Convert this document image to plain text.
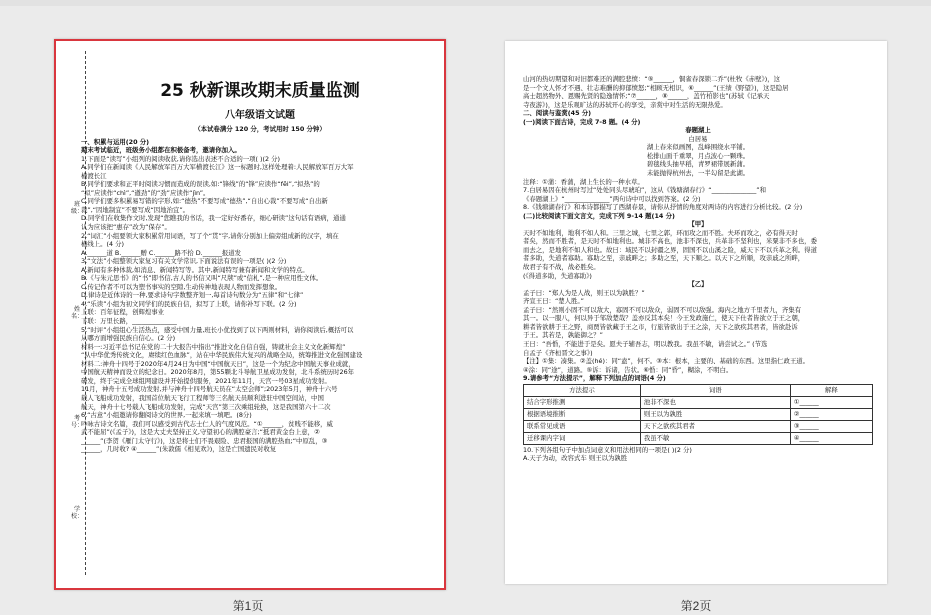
班级：
姓名：
考号：
学校：

25 秋新课改期末质量监测

八年级语文试题

（本试卷满分 120 分，考试用时 150 分钟）

一、积累与运用(20 分)

期末考试临近，班级务小组都在积极备考，邀请你加入。

1.下面是“读写”小组列的阅读收获,请你选出表述不合适的一项( )(2 分)

A.同学们在新闻读《人民解放军百万大军横渡长江》这一标题时,这样处理着:人民解放军百万大军

横渡长江

B.同学们要求和正平时阅读习惯而造成的误读,如:“锋线”的“锋”应读作“fēi”,“拟热”的

“拟”应读作“chì”,“遒劲”的“劲”应读作“jìn”。

C.同学们要多积累易写错的字形,如:“德热”不要写成“德热”,“自出心裁”不要写成“自出新

裁”,“因地制宜”不要写成“因地治宜”。

D.同学们在收集作文时,发现“您瞧我的书话，我一定好好番存，细心研读”这句话有语病，通通

认为应该把“惠存”改为“保存”。

2.“词汇”小组要领大家积累常用词语，写了个“贯”字,请你分别加上偏旁组成新的汉字，填在

横线上。(4 分)

A.______道 B.______赠 C.______路不拾 D.______报道发

3.“文法”小组整领大家复习有关文学常识,下面说法有误的一项是( )(2 分)

A.新闻有多种体裁,如消息、新闻特写等。其中,新闻特写兼有新闻和文学的特点。

B.《与朱元思书》的“书”即书信,古人的书信又叫“尺牍”或“信札”,是一种应用性文体。

C.传记作者不可以为塑书事实的空隙,生动传神地表现人物而发挥想象。

D.律诗是近体诗的一种,要求诗句字数整齐划一,每首诗句数分为“五律”和“七律”

4.“乐读”小组为初文同学们的民族自信，拟写了上联，请你补写下联。(2 分)

上联：百年征程，创辉煌事业

下联：万里长路，______________

5.“时评”小组组心生活热点，感受中国力量,班长小优找到了以下两则材料，请你阅读后,概括可以

从哪方面增强民族自信心。(2 分)

材料一:习近平总书记在党的二十大报告中指出“推进文化自信自强，铸就社会主义文化新辉煌”

“从中华优秀传统文化，赓续红色血脉”，站在中华民族伟大复兴的战略全局，统筹推进文化强国建设

材料二:神舟十四号于2020年4月24日为中国“中国航天日”，这是一个为纪念中国航天事业成就，

中国航天精神而设立的纪念日。2020年8月，第55颗北斗导航卫星成功发射，北斗系统历时26年

研发，终于完成全球组网建设并开始提供服务，2021年11月，天宫一号03星成功发射。

11月，神舟十五号成功发射,并与神舟十四号航天员在“太空会师”;2023年5月，神舟十六号

载人飞船成功发射，我国首位航天飞行工程师等三名航天员顺利进驻中国空间站，中国

航天，神舟十七号载人飞船成功发射，完成“天宫”第三次乘组轮换，这是我国第六十二次

6.“古意”小组邀请你翻阅诗文的世界,一起来填一填吧。(8分)

吟咏古诗文名篇，我们可以感受到古代志士仁人的气度风范。“①______，贫贱不能移，威

武不能屈”(《孟子》)，这是大丈夫坚持正义,守望初心的满腔豪言;“抵君黄金台上意，②

______”(李贺《雁门太守行》)，这是将士们不畏艰险、忠君报国的满腔热血;“中原乱，③

______，几时收? ④______”(朱敦儒《相见欢》)，这是亡国遗民对收复

第1页

山河的热切期望和对旧都难还的满腔悲愤：“⑤______，铜雀春深锁二乔”(杜牧《赤壁》)，这

是一个文人怀才不遇、壮志难酬的抑郁愤怒;“相顾无相识，⑥______”(王绩《野望》)，这是隐居

高士超然物外、恩赐先贤的隐逸情怀;“⑦______，⑧______，盖竹柏影也”(苏轼《记承天

寺夜游》)，这是乐观旷达的苏轼开心的享受，亲赏中对生活的无限热爱。

二、阅读与鉴赏(45 分)

(一)阅读下面古诗，完成 7-8 题。(4 分)

春题湖上

白居易

湖上春来似画图，乱峰围绕水平铺。

松排山面千重翠，月点波心一颗珠。

碧毯线头抽早稻，青罗裙带展新蒲。

未能抛得杭州去，一半勾留是此湖。

注释：①蒲：香蒲，湖上生长的一种水草。

7.白居易因在杭州时写过“处处同头尽琥珀”，这从《钱塘湖春行》“______________”和

《春题湖上》“______________”两句诗中可以找到答案。(2 分)

8.《钱塘湖春行》和本诗都描写了西湖春景，请你从抒情的角度对两诗的内容进行分析比较。(2 分)

(二)比较阅读下面文言文，完成下列 9-14 题(14 分)

【甲】

天时不如地利，地利不如人和。三里之城，七里之郭，环而攻之而不胜。夫环而攻之，必有得天时

者矣，然而不胜者，是天时不如地利也。城非不高也，池非不深也，兵革非不坚利也，米粟非不多也，委

而去之，是地利不如人和也。故曰：域民不以封疆之界，固国不以山溪之险，威天下不以兵革之利。得道

者多助，失道者寡助。寡助之至，亲戚畔之；多助之至，天下顺之。以天下之所顺，攻亲戚之所畔，

故君子有不战，战必胜矣。

(《得道多助，失道寡助》)

【乙】

孟子曰：“郑人为是人战，则王以为孰胜？”

齐宣王曰：“楚人胜。”

孟子曰：“然则小固不可以敌大，寡固不可以敌众，弱固不可以敌强。海内之地方千里者九，齐集有

其一。以一服八，何以异于邹敌楚哉？盖亦反其本矣！今王发政施仁，使天下仕者皆欲立于王之朝，

耕者皆欲耕于王之野，商贾皆欲藏于王之市，行旅皆欲出于王之涂，天下之欲疾其君者，皆欲赴诉

于王。其若是，孰能御之？”

王曰：“吾惛，不能进于是矣。愿夫子辅吾志，明以教我。我虽不敏，请尝试之。” (节选

自孟子《齐桓晋文之事》)

【注】①集：凑集。②盖(hé)：同“盍”，何不。③本：根本，主要的、基础的东西。这里指仁政王道。

④涂：同“途”，道路。⑤诉：诉诸，告状。⑥惛：同“昏”，糊涂，不明白。

9.请参考“方法提示”，解释下列加点的词语(4 分)

方法提示	词语	解释
结合字形推测	池非不深也	①______
根据语境推断	则王以为孰胜	②______
联系常见成语	天下之欲疾其君者	③______
迁移课内字词	我虽不敏	④______

10.下列各组句子中加点词意义和用法相同的一项是( )(2 分)

A.天子为动，改容式车 则王以为孰胜

第2页
